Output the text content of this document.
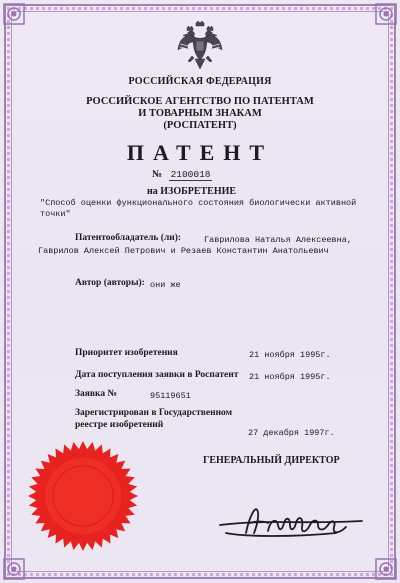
РОССИЙСКАЯ ФЕДЕРАЦИЯ
РОССИЙСКОЕ АГЕНТСТВО ПО ПАТЕНТАМ
И ТОВАРНЫМ ЗНАКАМ
(РОСПАТЕНТ)
ПАТЕНТ
№ 2100018
на ИЗОБРЕТЕНИЕ
"Способ оценки функционального состояния биологически активной
точки"
Патентообладатель (ли):	Гаврилова Наталья Алексеевна,
Гаврилов Алексей Петрович и Резаев Константин Анатольевич
Автор (авторы): они же
Приоритет изобретения	21 ноября 1995г.
Дата поступления заявки в Роспатент 21 ноября 1995г.
Заявка №	95119651
Зарегистрирован в Государственном
реестре изобретений
27 декабря 1997г.
ГЕНЕРАЛЬНЫЙ ДИРЕКТОР
